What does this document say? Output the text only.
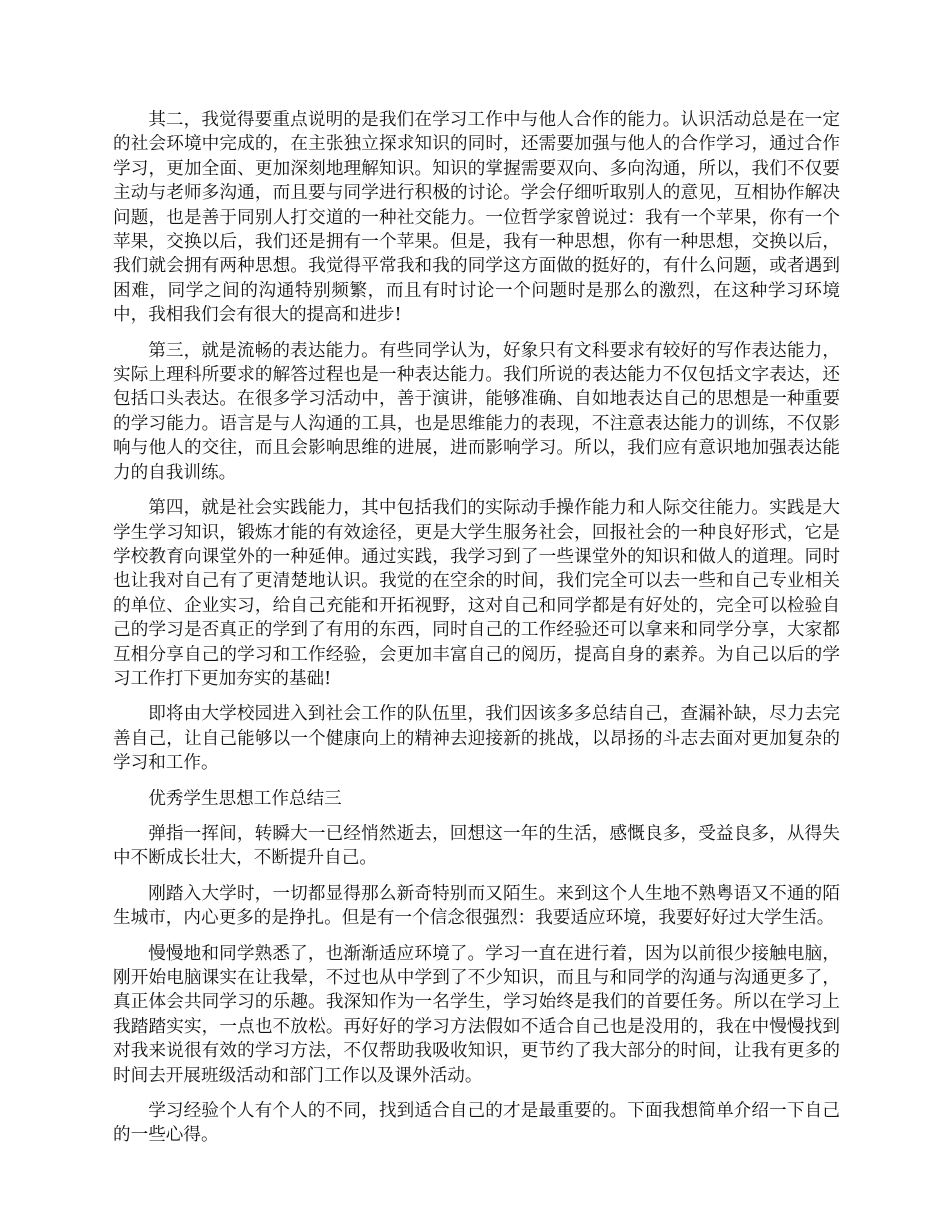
其二，我觉得要重点说明的是我们在学习工作中与他人合作的能力。认识活动总是在一定的社会环境中完成的，在主张独立探求知识的同时，还需要加强与他人的合作学习，通过合作学习，更加全面、更加深刻地理解知识。知识的掌握需要双向、多向沟通，所以，我们不仅要主动与老师多沟通，而且要与同学进行积极的讨论。学会仔细听取别人的意见，互相协作解决问题，也是善于同别人打交道的一种社交能力。一位哲学家曾说过：我有一个苹果，你有一个苹果，交换以后，我们还是拥有一个苹果。但是，我有一种思想，你有一种思想，交换以后，我们就会拥有两种思想。我觉得平常我和我的同学这方面做的挺好的，有什么问题，或者遇到困难，同学之间的沟通特别频繁，而且有时讨论一个问题时是那么的激烈，在这种学习环境中，我相我们会有很大的提高和进步!

第三，就是流畅的表达能力。有些同学认为，好象只有文科要求有较好的写作表达能力，实际上理科所要求的解答过程也是一种表达能力。我们所说的表达能力不仅包括文字表达，还包括口头表达。在很多学习活动中，善于演讲，能够准确、自如地表达自己的思想是一种重要的学习能力。语言是与人沟通的工具，也是思维能力的表现，不注意表达能力的训练，不仅影响与他人的交往，而且会影响思维的进展，进而影响学习。所以，我们应有意识地加强表达能力的自我训练。

第四，就是社会实践能力，其中包括我们的实际动手操作能力和人际交往能力。实践是大学生学习知识，锻炼才能的有效途径，更是大学生服务社会，回报社会的一种良好形式，它是学校教育向课堂外的一种延伸。通过实践，我学习到了一些课堂外的知识和做人的道理。同时也让我对自己有了更清楚地认识。我觉的在空余的时间，我们完全可以去一些和自己专业相关的单位、企业实习，给自己充能和开拓视野，这对自己和同学都是有好处的，完全可以检验自己的学习是否真正的学到了有用的东西，同时自己的工作经验还可以拿来和同学分享，大家都互相分享自己的学习和工作经验，会更加丰富自己的阅历，提高自身的素养。为自己以后的学习工作打下更加夯实的基础!

即将由大学校园进入到社会工作的队伍里，我们因该多多总结自己，查漏补缺，尽力去完善自己，让自己能够以一个健康向上的精神去迎接新的挑战，以昂扬的斗志去面对更加复杂的学习和工作。

优秀学生思想工作总结三

弹指一挥间，转瞬大一已经悄然逝去，回想这一年的生活，感慨良多，受益良多，从得失中不断成长壮大，不断提升自己。

刚踏入大学时，一切都显得那么新奇特别而又陌生。来到这个人生地不熟粤语又不通的陌生城市，内心更多的是挣扎。但是有一个信念很强烈：我要适应环境，我要好好过大学生活。

慢慢地和同学熟悉了，也渐渐适应环境了。学习一直在进行着，因为以前很少接触电脑，刚开始电脑课实在让我晕，不过也从中学到了不少知识，而且与和同学的沟通与沟通更多了，真正体会共同学习的乐趣。我深知作为一名学生，学习始终是我们的首要任务。所以在学习上我踏踏实实，一点也不放松。再好好的学习方法假如不适合自己也是没用的，我在中慢慢找到对我来说很有效的学习方法，不仅帮助我吸收知识，更节约了我大部分的时间，让我有更多的时间去开展班级活动和部门工作以及课外活动。

学习经验个人有个人的不同，找到适合自己的才是最重要的。下面我想简单介绍一下自己的一些心得。
